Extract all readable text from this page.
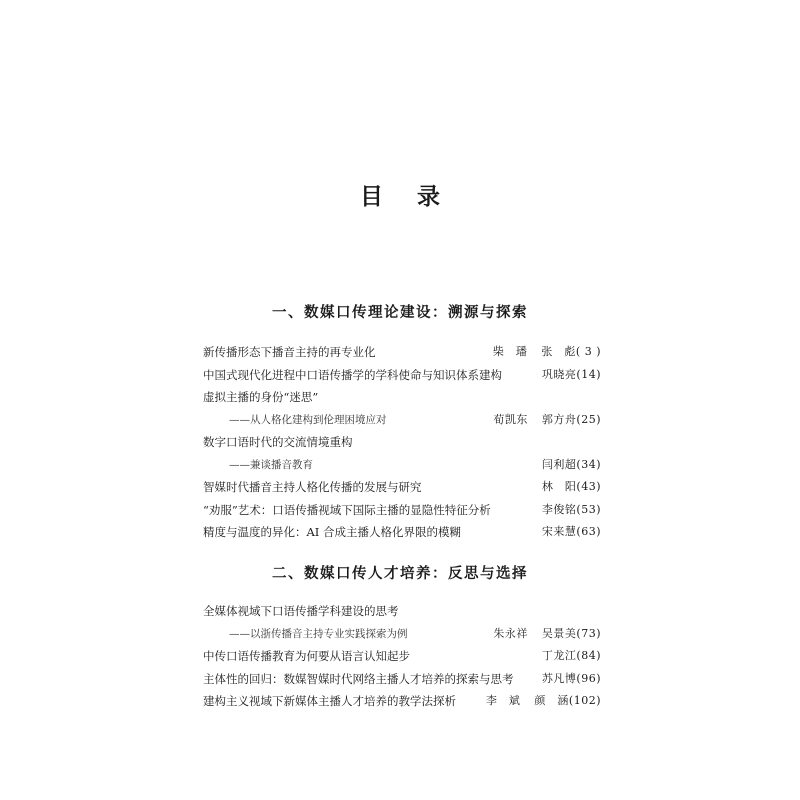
目 录
一、数媒口传理论建设：溯源与探索
新传播形态下播音主持的再专业化	柴　璠 张　彪( 3 )
中国式现代化进程中口语传播学的学科使命与知识体系建构	巩晓亮(14)
虚拟主播的身份“迷思”
——从人格化建构到伦理困境应对	荀凯东 郭方舟(25)
数字口语时代的交流情境重构
——兼谈播音教育	闫利超(34)
智媒时代播音主持人格化传播的发展与研究	林　阳(43)
“劝服”艺术：口语传播视域下国际主播的显隐性特征分析	李俊铭(53)
精度与温度的异化：AI 合成主播人格化界限的模糊	宋来慧(63)
二、数媒口传人才培养：反思与选择
全媒体视域下口语传播学科建设的思考
——以浙传播音主持专业实践探索为例	朱永祥 吴景美(73)
中传口语传播教育为何要从语言认知起步	丁龙江(84)
主体性的回归：数媒智媒时代网络主播人才培养的探索与思考	苏凡博(96)
建构主义视域下新媒体主播人才培养的教学法探析	李　斌 颜　涵(102)
